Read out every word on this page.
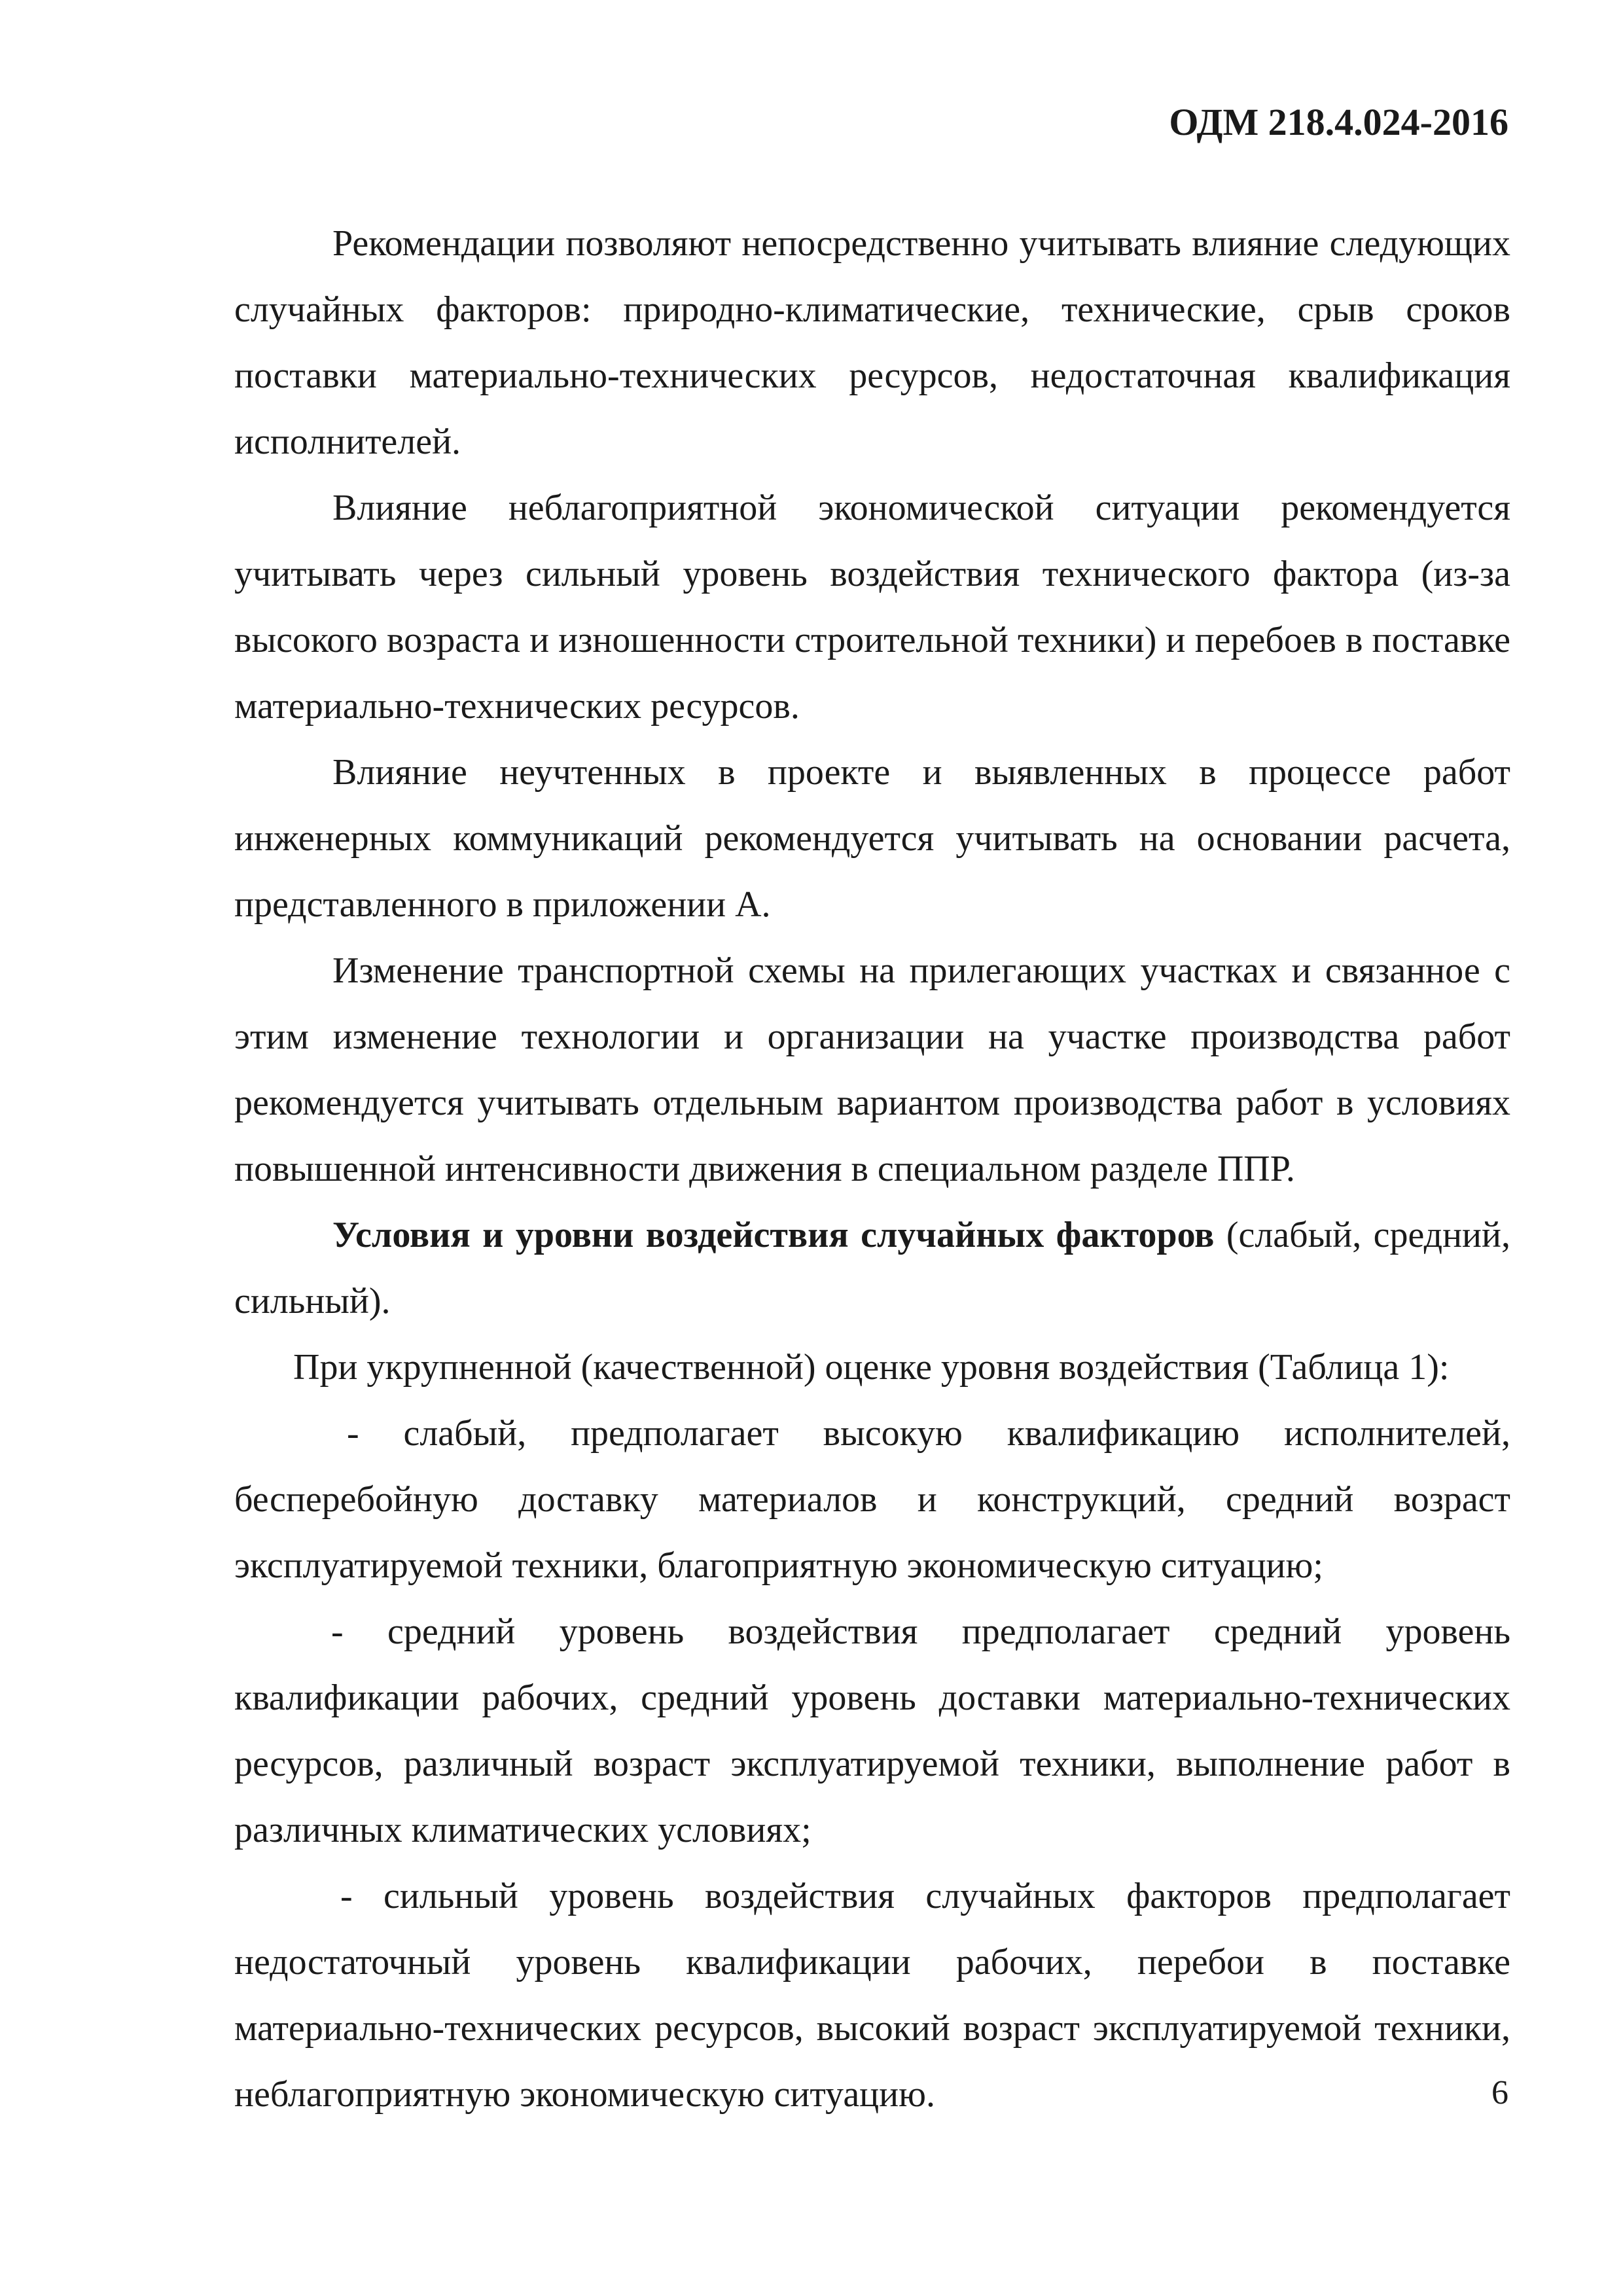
ОДМ 218.4.024-2016

Рекомендации позволяют непосредственно учитывать влияние следующих случайных факторов: природно-климатические, технические, срыв сроков поставки материально-технических ресурсов, недостаточная квалификация исполнителей.

Влияние неблагоприятной экономической ситуации рекомендуется учитывать через сильный уровень воздействия технического фактора (из-за высокого возраста и изношенности строительной техники) и перебоев в поставке материально-технических ресурсов.

Влияние неучтенных в проекте и выявленных в процессе работ инженерных коммуникаций рекомендуется учитывать на основании расчета, представленного в приложении А.

Изменение транспортной схемы на прилегающих участках и связанное с этим изменение технологии и организации на участке производства работ рекомендуется учитывать отдельным вариантом производства работ в условиях повышенной интенсивности движения в специальном разделе ППР.

Условия и уровни воздействия случайных факторов (слабый, средний, сильный).

При укрупненной (качественной) оценке уровня воздействия (Таблица 1):

- слабый, предполагает высокую квалификацию исполнителей, бесперебойную доставку материалов и конструкций, средний возраст эксплуатируемой техники, благоприятную экономическую ситуацию;

- средний уровень воздействия предполагает средний уровень квалификации рабочих, средний уровень доставки материально-технических ресурсов, различный возраст эксплуатируемой техники, выполнение работ в различных климатических условиях;

- сильный уровень воздействия случайных факторов предполагает недостаточный уровень квалификации рабочих, перебои в поставке материально-технических ресурсов, высокий возраст эксплуатируемой техники, неблагоприятную экономическую ситуацию.	6
